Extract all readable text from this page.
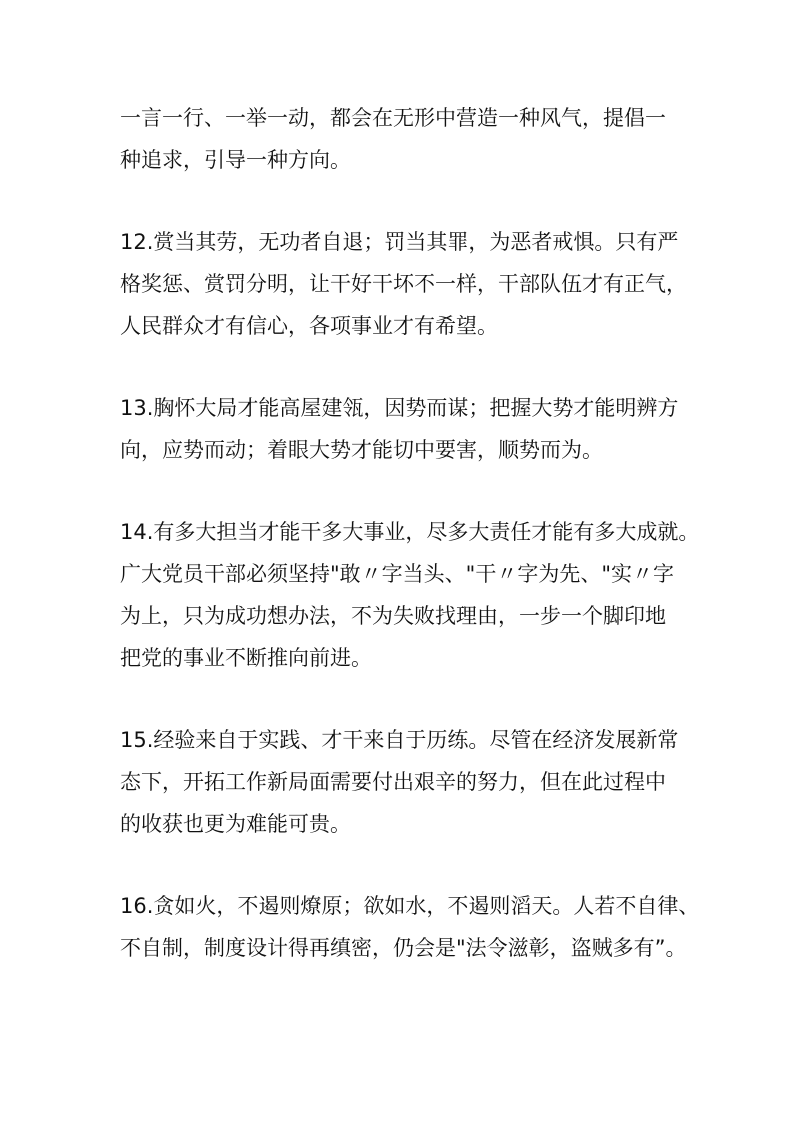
一言一行、一举一动，都会在无形中营造一种风气，提倡一
种追求，引导一种方向。
12.赏当其劳，无功者自退；罚当其罪，为恶者戒惧。只有严
格奖惩、赏罚分明，让干好干坏不一样，干部队伍才有正气，
人民群众才有信心，各项事业才有希望。
13.胸怀大局才能高屋建瓴，因势而谋；把握大势才能明辨方
向，应势而动；着眼大势才能切中要害，顺势而为。
14.有多大担当才能干多大事业，尽多大责任才能有多大成就。
广大党员干部必须坚持"敢〃字当头、"干〃字为先、"实〃字
为上，只为成功想办法，不为失败找理由，一步一个脚印地
把党的事业不断推向前进。
15.经验来自于实践、才干来自于历练。尽管在经济发展新常
态下，开拓工作新局面需要付出艰辛的努力，但在此过程中
的收获也更为难能可贵。
16.贪如火，不遏则燎原；欲如水，不遏则滔天。人若不自律、
不自制，制度设计得再缜密，仍会是"法令滋彰，盗贼多有”。
